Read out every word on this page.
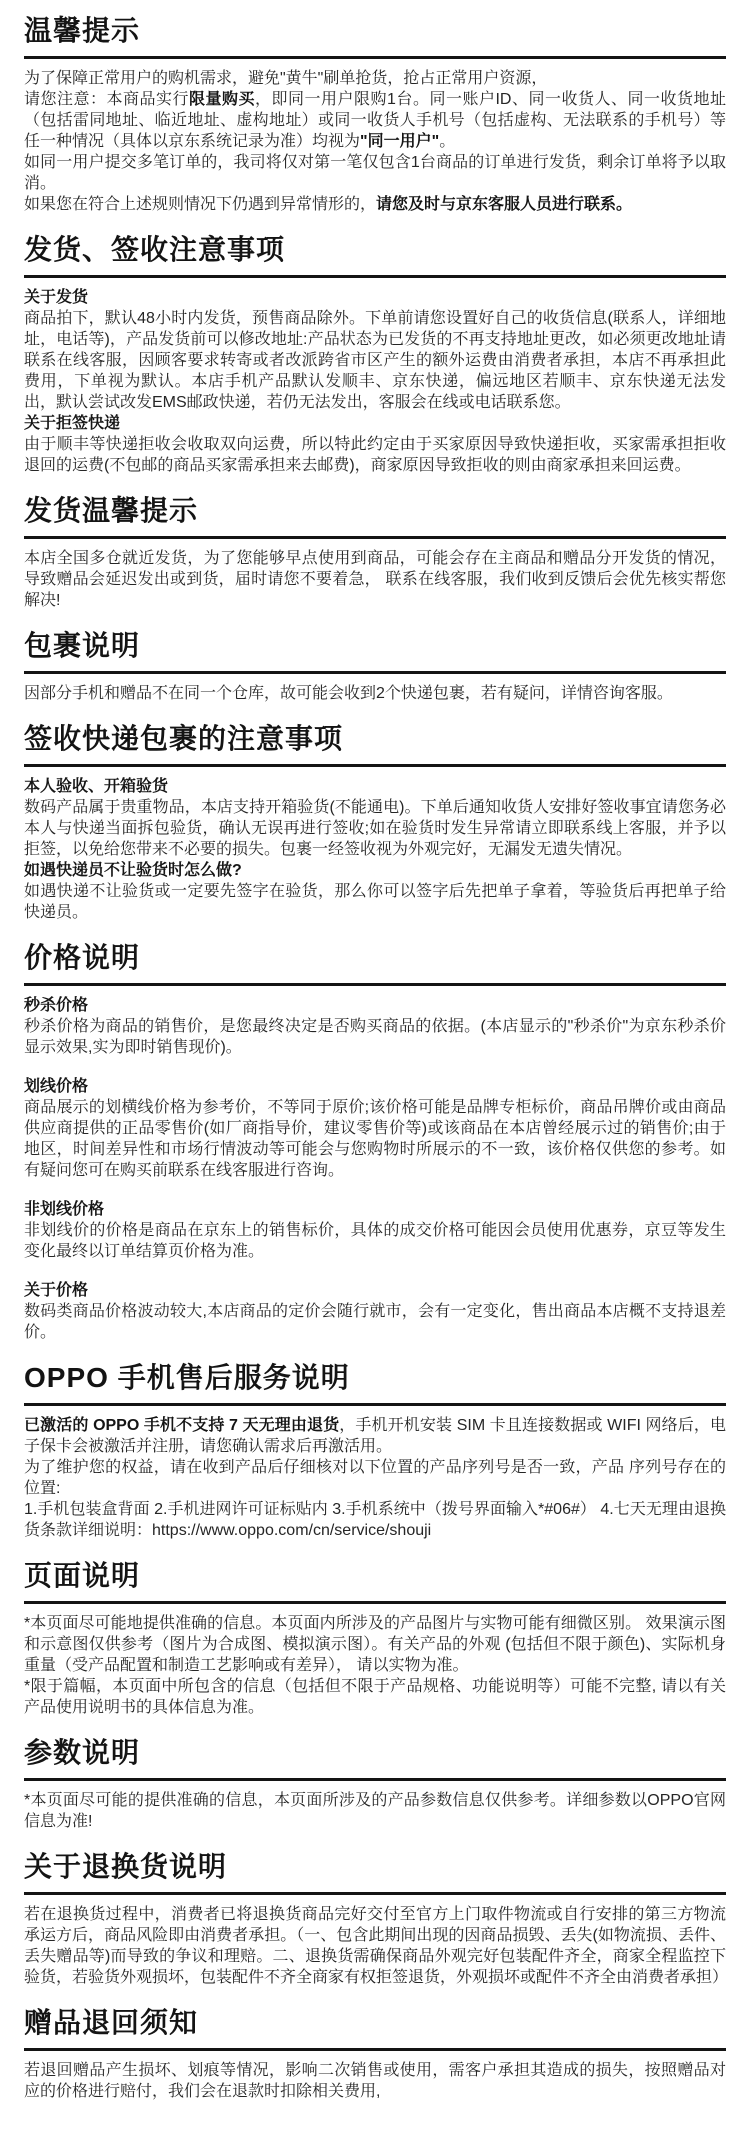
温馨提示

为了保障正常用户的购机需求，避免"黄牛"刷单抢货，抢占正常用户资源，

请您注意：本商品实行限量购买，即同一用户限购1台。同一账户ID、同一收货人、同一收货地址（包括雷同地址、临近地址、虚构地址）或同一收货人手机号（包括虚构、无法联系的手机号）等任一种情况（具体以京东系统记录为准）均视为"同一用户"。

如同一用户提交多笔订单的，我司将仅对第一笔仅包含1台商品的订单进行发货，剩余订单将予以取消。

如果您在符合上述规则情况下仍遇到异常情形的，请您及时与京东客服人员进行联系。

发货、签收注意事项

关于发货

商品拍下，默认48小时内发货，预售商品除外。下单前请您设置好自己的收货信息(联系人，详细地址，电话等)，产品发货前可以修改地址:产品状态为已发货的不再支持地址更改，如必须更改地址请联系在线客服，因顾客要求转寄或者改派跨省市区产生的额外运费由消费者承担，本店不再承担此费用，下单视为默认。本店手机产品默认发顺丰、京东快递，偏远地区若顺丰、京东快递无法发出，默认尝试改发EMS邮政快递，若仍无法发出，客服会在线或电话联系您。

关于拒签快递

由于顺丰等快递拒收会收取双向运费，所以特此约定由于买家原因导致快递拒收，买家需承担拒收退回的运费(不包邮的商品买家需承担来去邮费)，商家原因导致拒收的则由商家承担来回运费。

发货温馨提示

本店全国多仓就近发货，为了您能够早点使用到商品，可能会存在主商品和赠品分开发货的情况，导致赠品会延迟发出或到货，届时请您不要着急， 联系在线客服，我们收到反馈后会优先核实帮您解决!

包裹说明

因部分手机和赠品不在同一个仓库，故可能会收到2个快递包裹，若有疑问，详情咨询客服。

签收快递包裹的注意事项

本人验收、开箱验货

数码产品属于贵重物品，本店支持开箱验货(不能通电)。下单后通知收货人安排好签收事宜请您务必本人与快递当面拆包验货，确认无误再进行签收;如在验货时发生异常请立即联系线上客服，并予以拒签，以免给您带来不必要的损失。包裹一经签收视为外观完好，无漏发无遗失情况。

如遇快递员不让验货时怎么做?

如遇快递不让验货或一定要先签字在验货，那么你可以签字后先把单子拿着，等验货后再把单子给快递员。

价格说明

秒杀价格

秒杀价格为商品的销售价，是您最终决定是否购买商品的依据。(本店显示的"秒杀价"为京东秒杀价显示效果,实为即时销售现价)。

划线价格

商品展示的划横线价格为参考价，不等同于原价;该价格可能是品牌专柜标价，商品吊牌价或由商品供应商提供的正品零售价(如厂商指导价，建议零售价等)或该商品在本店曾经展示过的销售价;由于地区，时间差异性和市场行情波动等可能会与您购物时所展示的不一致，该价格仅供您的参考。如有疑问您可在购买前联系在线客服进行咨询。

非划线价格

非划线价的价格是商品在京东上的销售标价，具体的成交价格可能因会员使用优惠券，京豆等发生变化最终以订单结算页价格为准。

关于价格

数码类商品价格波动较大,本店商品的定价会随行就市，会有一定变化，售出商品本店概不支持退差价。

OPPO 手机售后服务说明

已激活的 OPPO 手机不支持 7 天无理由退货，手机开机安装 SIM 卡且连接数据或 WIFI 网络后，电子保卡会被激活并注册，请您确认需求后再激活用。

为了维护您的权益，请在收到产品后仔细核对以下位置的产品序列号是否一致，产品 序列号存在的位置:

1.手机包装盒背面 2.手机进网许可证标贴内 3.手机系统中（拨号界面输入*#06#） 4.七天无理由退换货条款详细说明：https://www.oppo.com/cn/service/shouji

页面说明

*本页面尽可能地提供准确的信息。本页面内所涉及的产品图片与实物可能有细微区别。 效果演示图和示意图仅供参考（图片为合成图、模拟演示图）。有关产品的外观 (包括但不限于颜色)、实际机身重量（受产品配置和制造工艺影响或有差异）， 请以实物为准。

*限于篇幅，本页面中所包含的信息（包括但不限于产品规格、功能说明等）可能不完整, 请以有关产品使用说明书的具体信息为准。

参数说明

*本页面尽可能的提供准确的信息，本页面所涉及的产品参数信息仅供参考。详细参数以OPPO官网信息为准!

关于退换货说明

若在退换货过程中，消费者已将退换货商品完好交付至官方上门取件物流或自行安排的第三方物流承运方后，商品风险即由消费者承担。（一、包含此期间出现的因商品损毁、丢失(如物流损、丢件、丢失赠品等)而导致的争议和理赔。二、退换货需确保商品外观完好包装配件齐全，商家全程监控下验货，若验货外观损坏，包装配件不齐全商家有权拒签退货，外观损坏或配件不齐全由消费者承担）

赠品退回须知

若退回赠品产生损坏、划痕等情况，影响二次销售或使用，需客户承担其造成的损失，按照赠品对应的价格进行赔付，我们会在退款时扣除相关费用,
